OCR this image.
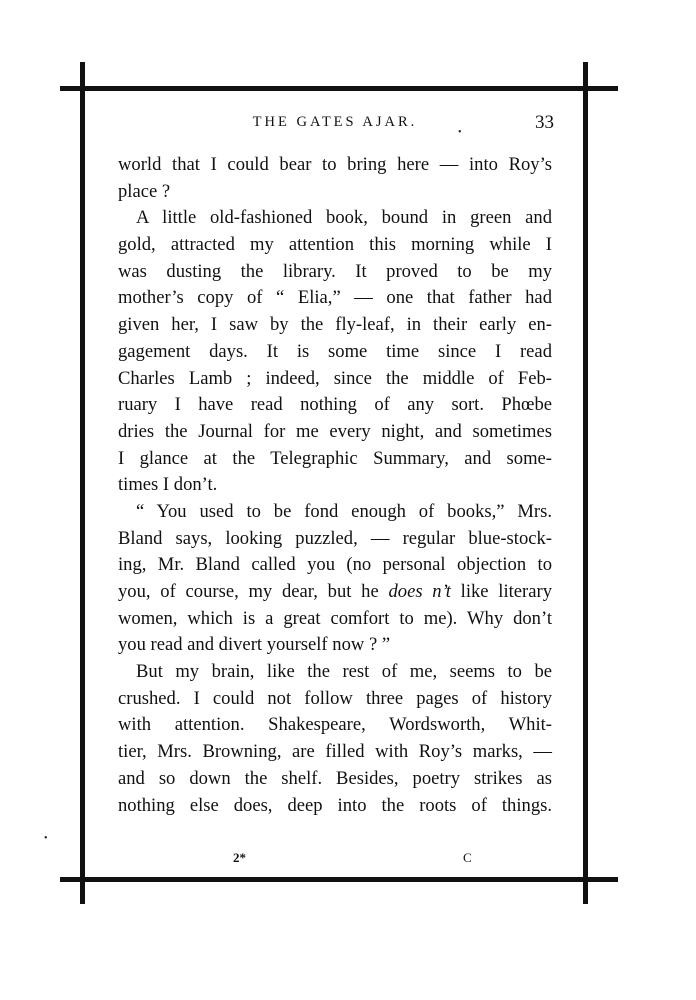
THE GATES AJAR.	33
world that I could bear to bring here — into Roy’s
place ?
A little old-fashioned book, bound in green and
gold, attracted my attention this morning while I
was dusting the library. It proved to be my
mother’s copy of “ Elia,” — one that father had
given her, I saw by the fly-leaf, in their early en-
gagement days. It is some time since I read
Charles Lamb ; indeed, since the middle of Feb-
ruary I have read nothing of any sort. Phœbe
dries the Journal for me every night, and sometimes
I glance at the Telegraphic Summary, and some-
times I don’t.
“ You used to be fond enough of books,” Mrs.
Bland says, looking puzzled, — regular blue-stock-
ing, Mr. Bland called you (no personal objection to
you, of course, my dear, but he does n’t like literary
women, which is a great comfort to me). Why don’t
you read and divert yourself now ? ”
But my brain, like the rest of me, seems to be
crushed. I could not follow three pages of history
with attention. Shakespeare, Wordsworth, Whit-
tier, Mrs. Browning, are filled with Roy’s marks, —
and so down the shelf. Besides, poetry strikes as
nothing else does, deep into the roots of things.
2*	C
•
•
